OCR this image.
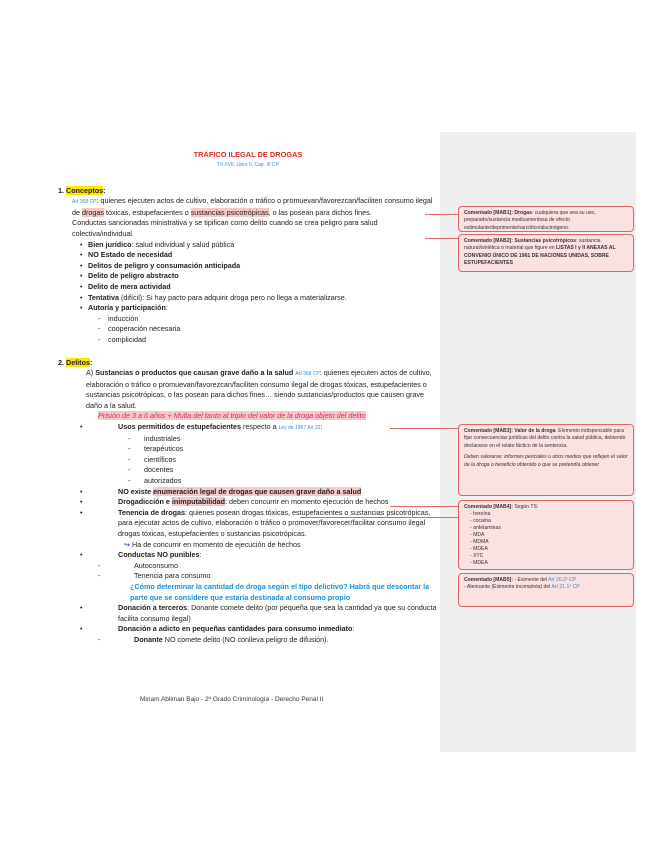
TRÁFICO ILEGAL DE DROGAS
Tít XVII, Libro II, Cap. III CP
1. Conceptos:
Art 368 CP: quienes ejecuten actos de cultivo, elaboración o tráfico o promuevan/favorezcan/faciliten consumo ilegal de drogas tóxicas, estupefacientes o sustancias psicotrópicas, o las posean para dichos fines.
Conductas sancionadas ministrativa y se tipifican como delito cuando se crea peligro para salud colectiva/individual.
• Bien jurídico: salud individual y salud pública
• NO Estado de necesidad
• Delitos de peligro y consumación anticipada
• Delito de peligro abstracto
• Delito de mera actividad
• Tentativa (difícil): Si hay pacto para adquirir droga pero no llega a materializarse.
• Autoría y participación:
- inducción
- cooperación necesaria
- complicidad
2. Delitos:
A) Sustancias o productos que causan grave daño a la salud Art 368 CP: quienes ejecuten actos de cultivo, elaboración o tráfico o promuevan/favorezcan/faciliten consumo ilegal de drogas tóxicas, estupefacientes o sustancias psicotrópicas, o las posean para dichos fines… siendo sustancias/productos que causen grave daño a la salud.
Prisión de 3 a 6 años + Multa del tanto al triplo del valor de la droga objeto del delito
• Usos permitidos de estupefacientes respecto a Ley de 1967 Art 22:
- industriales
- terapéuticos
- científicos
- docentes
- autorizados
• NO existe enumeración legal de drogas que causen grave daño a salud
• Drogadicción e inimputabilidad: deben concurrir en momento ejecución de hechos
• Tenencia de drogas: quienes posean drogas tóxicas, estupefacientes o sustancias psicotrópicas, para ejecutar actos de cultivo, elaboración o tráfico o promover/favorecer/facilitar consumo ilegal drogas tóxicas, estupefacientes o sustancias psicotrópicas.
↪ Ha de concurrir en momento de ejecución de hechos
• Conductas NO punibles:
- Autoconsumo
- Tenencia para consumo
¿Cómo determinar la cantidad de droga según el tipo delictivo? Habrá que descontar la parte que se considere que estaría destinada al consumo propio
• Donación a terceros: Donante comete delito (por pequeña que sea la cantidad ya que su conducta facilita consumo ilegal)
• Donación a adicto en pequeñas cantidades para consumo inmediato:
- Donante NO comete delito (NO conlleva peligro de difusión).
Miriam Abliman Bajo - 2º Grado Criminología - Derecho Penal II
Comentado [MAB1]: Drogas: cualquiera que sea su uso, preparado/sustancia medicamentosa de efecto estimulante/deprimente/narcótico/alucinógeno.
Comentado [MAB2]: Sustancias psicotrópicos: sustancia natural/sintética o material que figure en LISTAS I y II ANEXAS AL CONVENIO ÚNICO DE 1961 DE NACIONES UNIDAS, SOBRE ESTUPEFACIENTES
Comentado [MAB3]: Valor de la droga: Elemento indispensable para fijar consecuencias jurídicas del delito contra la salud pública, debiendo declararse en el relato fáctico de la sentencia.
Deben valorarse: informes periciales u otros medios que reflejen el valor de la droga o beneficio obtenido o que se pretendía obtener
Comentado [MAB4]: Según TS:
- heroína
- cocaína
- anfetaminas
- MDA
- MDMA
- MDEA
- XTC
- MDEA
Comentado [MAB5]: - Eximente del Art 20.2º CP
- Atenuante (Eximente incompleta) del Art 21.1º CP
